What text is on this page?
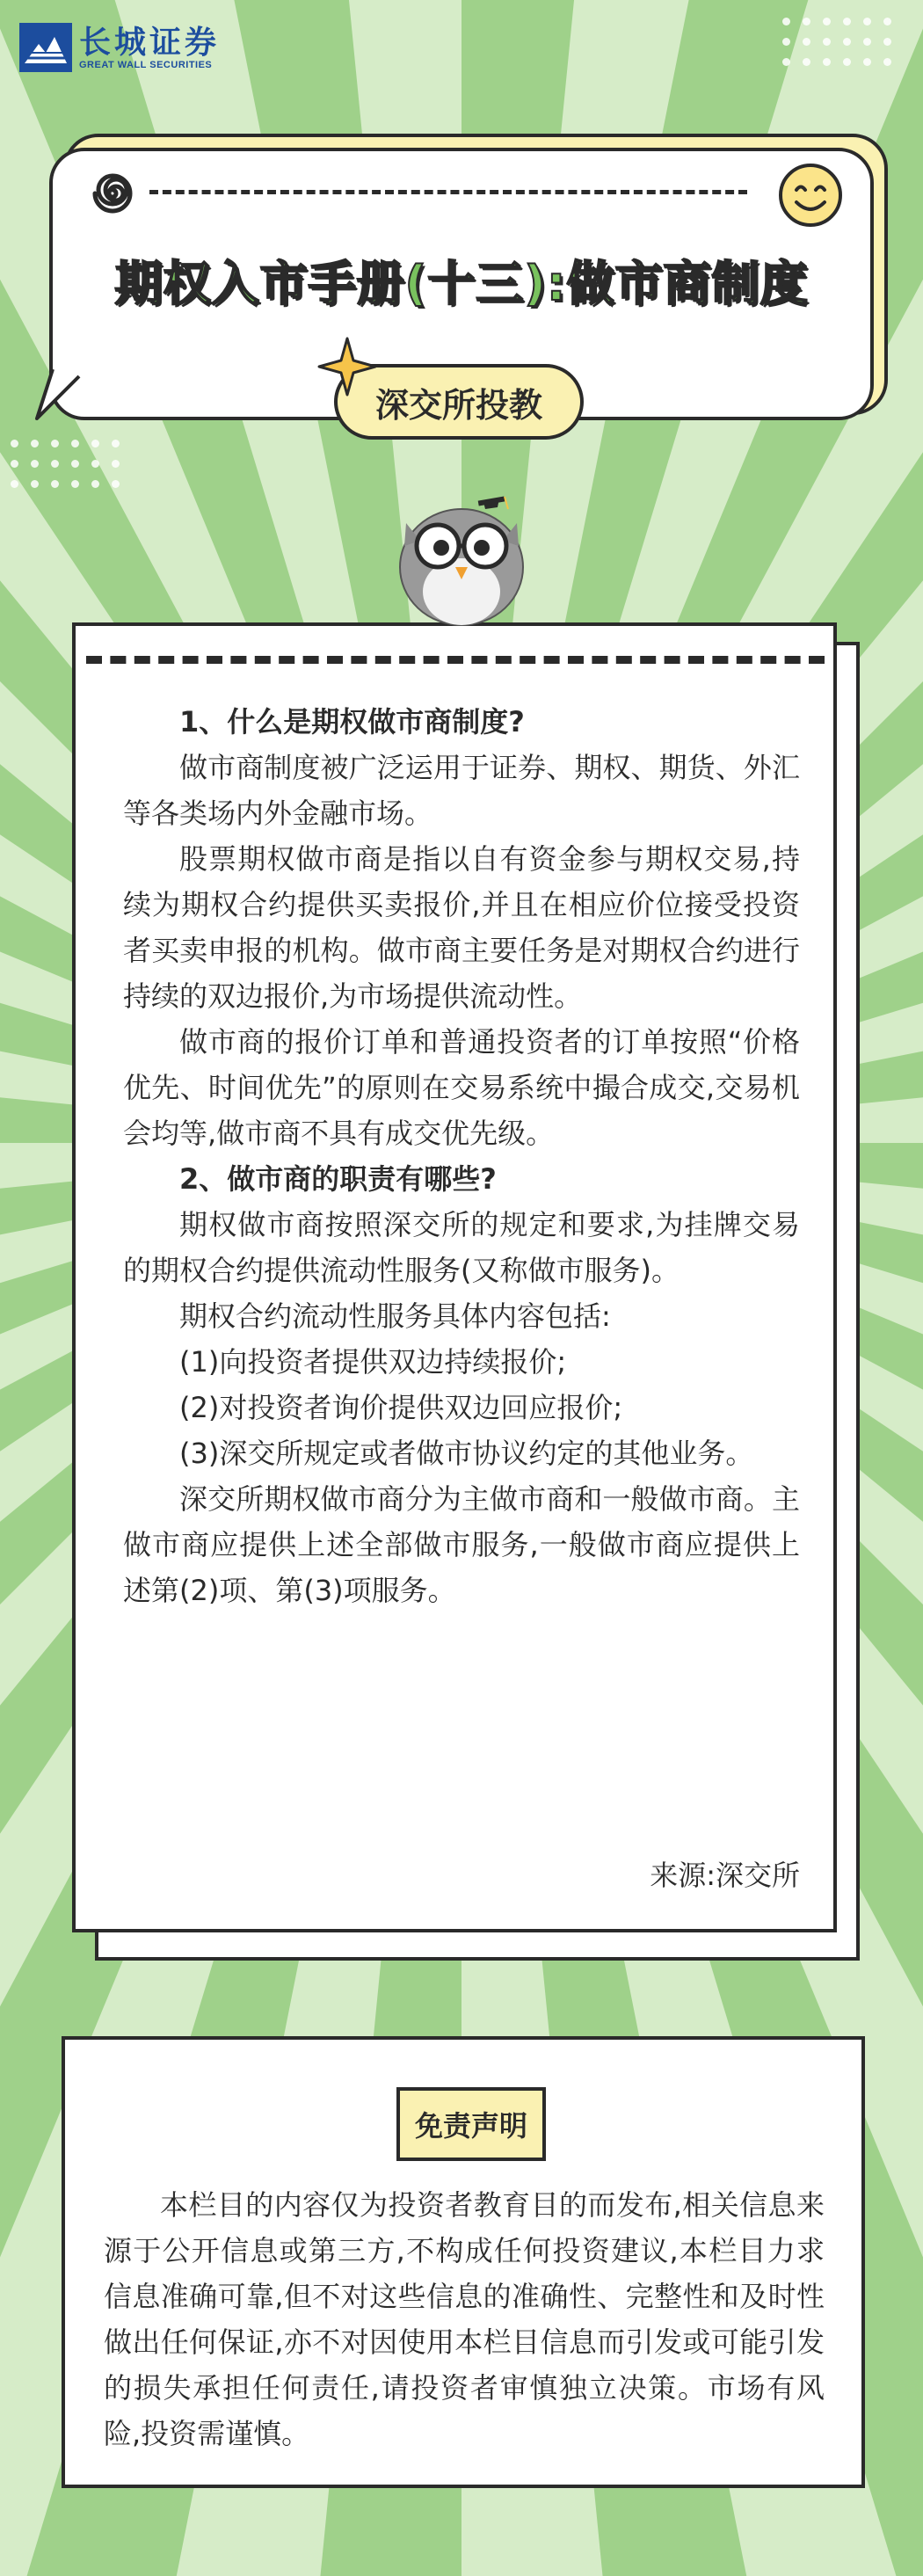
长城证券
GREAT WALL SECURITIES
期权入市手册(十三):做市商制度
深交所投教

1、什么是期权做市商制度?

做市商制度被广泛运用于证券、期权、期货、外汇等各类场内外金融市场。

股票期权做市商是指以自有资金参与期权交易,持续为期权合约提供买卖报价,并且在相应价位接受投资者买卖申报的机构。做市商主要任务是对期权合约进行持续的双边报价,为市场提供流动性。

做市商的报价订单和普通投资者的订单按照“价格优先、时间优先”的原则在交易系统中撮合成交,交易机会均等,做市商不具有成交优先级。

2、做市商的职责有哪些?

期权做市商按照深交所的规定和要求,为挂牌交易的期权合约提供流动性服务(又称做市服务)。

期权合约流动性服务具体内容包括:

(1)向投资者提供双边持续报价;

(2)对投资者询价提供双边回应报价;

(3)深交所规定或者做市协议约定的其他业务。

深交所期权做市商分为主做市商和一般做市商。主做市商应提供上述全部做市服务,一般做市商应提供上述第(2)项、第(3)项服务。

来源:深交所
免责声明

本栏目的内容仅为投资者教育目的而发布,相关信息来源于公开信息或第三方,不构成任何投资建议,本栏目力求信息准确可靠,但不对这些信息的准确性、完整性和及时性做出任何保证,亦不对因使用本栏目信息而引发或可能引发的损失承担任何责任,请投资者审慎独立决策。市场有风险,投资需谨慎。
